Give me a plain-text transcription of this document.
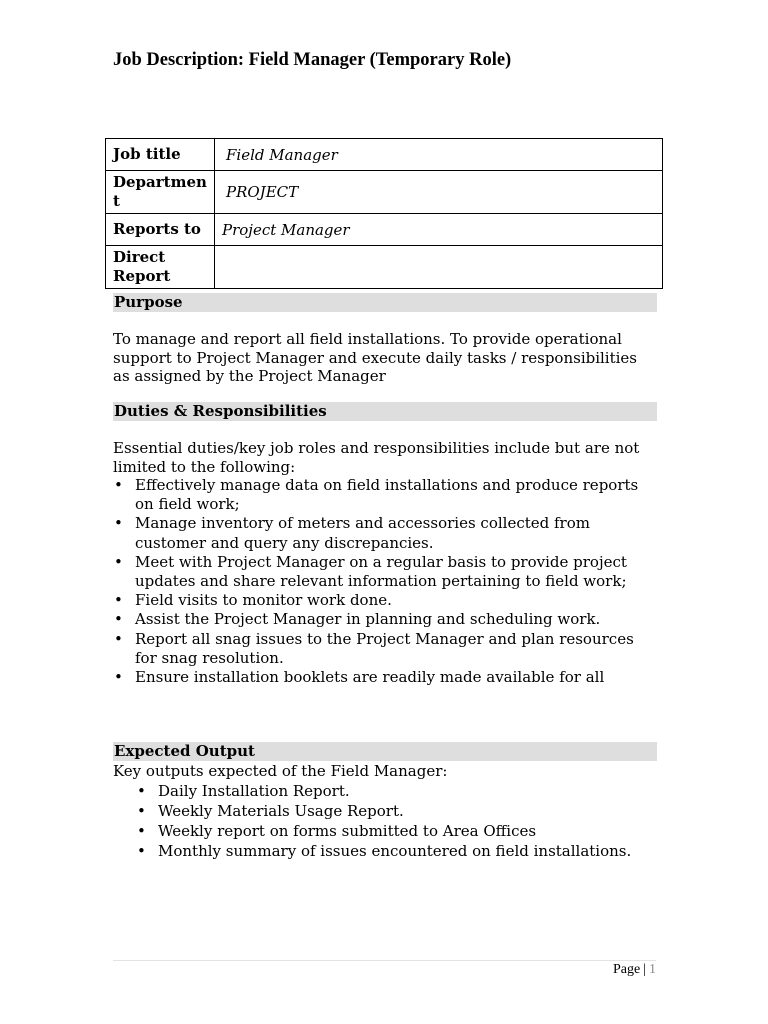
Job Description: Field Manager (Temporary Role)
Job title	Field Manager
Department	PROJECT
Reports to	Project Manager
Direct Report	
Purpose
To manage and report all field installations. To provide operational support to Project Manager and execute daily tasks / responsibilities as assigned by the Project Manager
Duties & Responsibilities
Essential duties/key job roles and responsibilities include but are not limited to the following:
• Effectively manage data on field installations and produce reports on field work;
• Manage inventory of meters and accessories collected from customer and query any discrepancies.
• Meet with Project Manager on a regular basis to provide project updates and share relevant information pertaining to field work;
• Field visits to monitor work done.
• Assist the Project Manager in planning and scheduling work.
• Report all snag issues to the Project Manager and plan resources for snag resolution.
• Ensure installation booklets are readily made available for all
Expected Output
Key outputs expected of the Field Manager:
• Daily Installation Report.
• Weekly Materials Usage Report.
• Weekly report on forms submitted to Area Offices
• Monthly summary of issues encountered on field installations.
Page | 1
